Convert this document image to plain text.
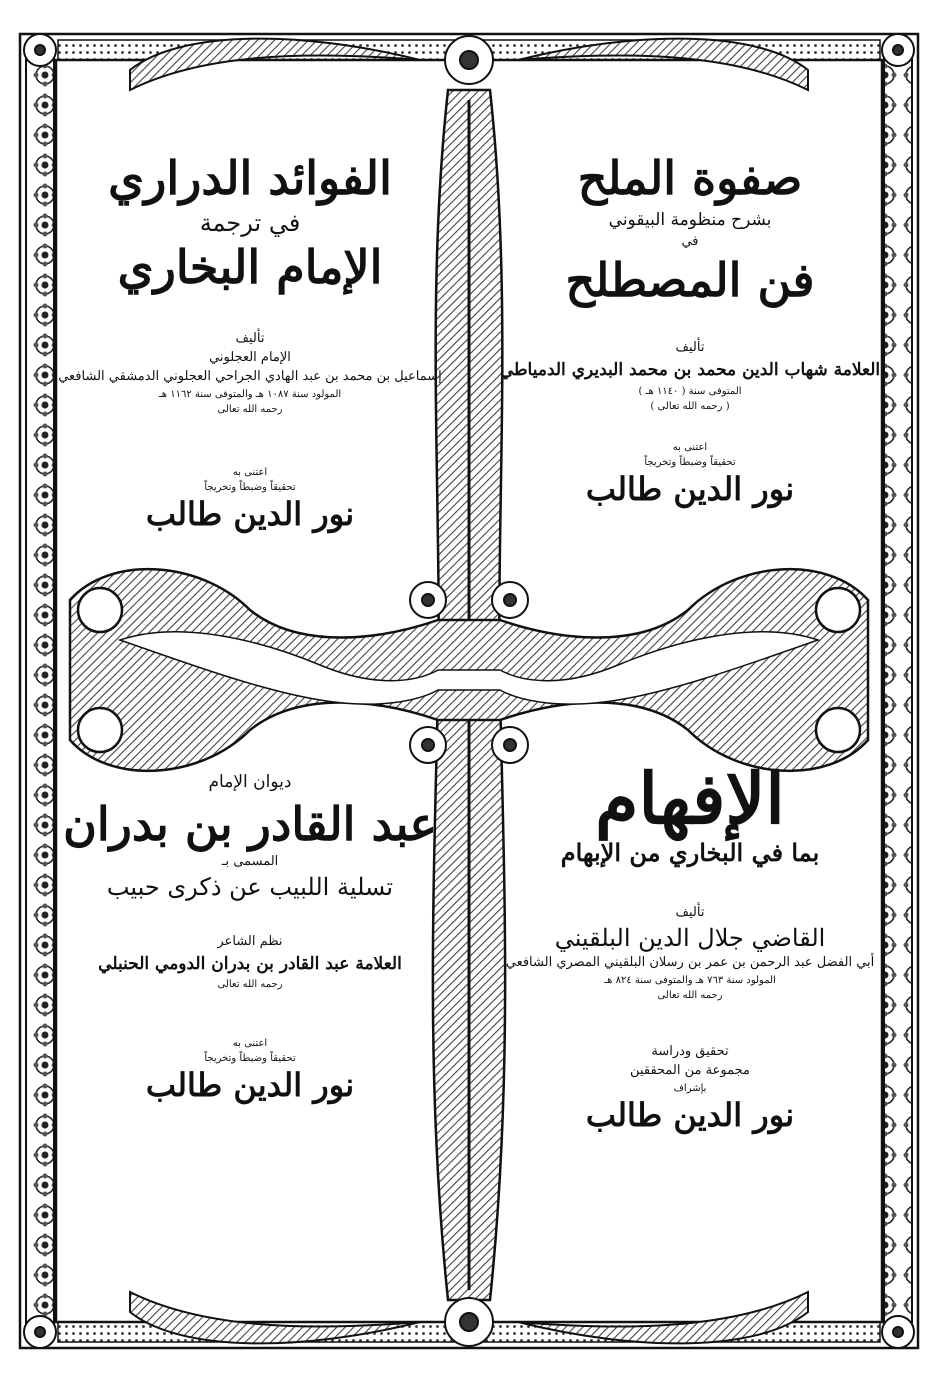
صفوة الملح
بشرح منظومة البيقوني
في
فن المصطلح
تأليف
العلامة شهاب الدين محمد بن محمد البديري الدمياطي
المتوفى سنة ( ١١٤٠ هـ )
( رحمه الله تعالى )
اعتنى به
تحقيقاً وضبطاً وتخريجاً
نور الدين طالب
الفوائد الدراري
في ترجمة
الإمام البخاري
تأليف
الإمام العجلوني
إسماعيل بن محمد بن عبد الهادي الجراحي العجلوني الدمشقي الشافعي
المولود سنة ١٠٨٧ هـ والمتوفى سنة ١١٦٢ هـ
رحمه الله تعالى
اعتنى به
تحقيقاً وضبطاً وتخريجاً
نور الدين طالب
الإفهام
بما في البخاري من الإبهام
تأليف
القاضي جلال الدين البلقيني
أبي الفضل عبد الرحمن بن عمر بن رسلان البلقيني المصري الشافعي
المولود سنة ٧٦٣ هـ والمتوفى سنة ٨٢٤ هـ
رحمه الله تعالى
تحقيق ودراسة
مجموعة من المحققين
بإشراف
نور الدين طالب
ديوان الإمام
عبد القادر بن بدران
المسمى بـ
تسلية اللبيب عن ذكرى حبيب
نظم الشاعر
العلامة عبد القادر بن بدران الدومي الحنبلي
رحمه الله تعالى
اعتنى به
تحقيقاً وضبطاً وتخريجاً
نور الدين طالب
